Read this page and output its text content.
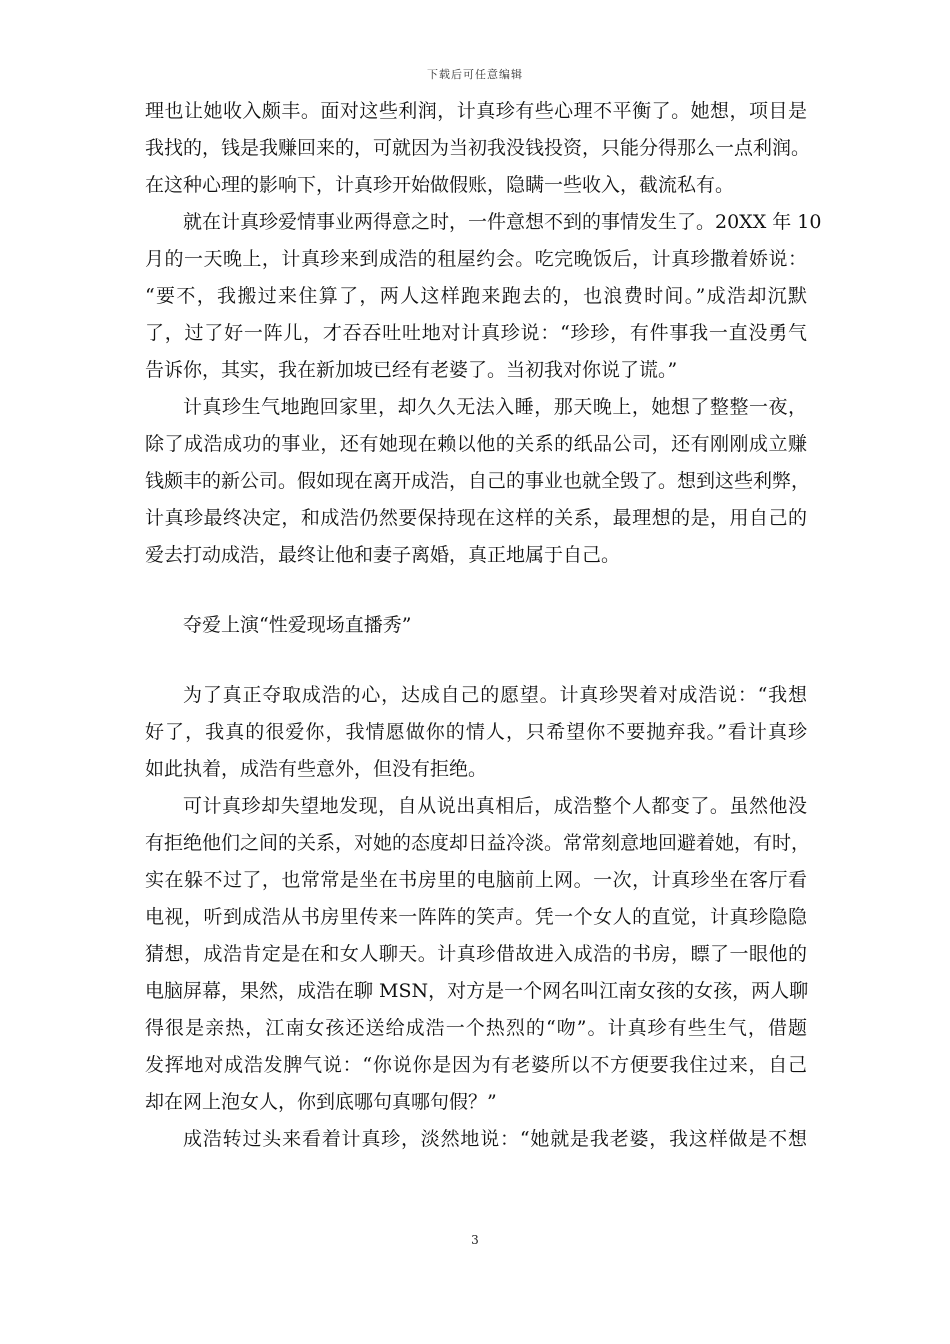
下载后可任意编辑
理也让她收入颇丰。面对这些利润，计真珍有些心理不平衡了。她想，项目是
我找的，钱是我赚回来的，可就因为当初我没钱投资，只能分得那么一点利润。
在这种心理的影响下，计真珍开始做假账，隐瞒一些收入，截流私有。
就在计真珍爱情事业两得意之时，一件意想不到的事情发生了。20XX 年 10
月的一天晚上，计真珍来到成浩的租屋约会。吃完晚饭后，计真珍撒着娇说：
“要不，我搬过来住算了，两人这样跑来跑去的，也浪费时间。”成浩却沉默
了，过了好一阵儿，才吞吞吐吐地对计真珍说：“珍珍，有件事我一直没勇气
告诉你，其实，我在新加坡已经有老婆了。当初我对你说了谎。”
计真珍生气地跑回家里，却久久无法入睡，那天晚上，她想了整整一夜，
除了成浩成功的事业，还有她现在赖以他的关系的纸品公司，还有刚刚成立赚
钱颇丰的新公司。假如现在离开成浩，自己的事业也就全毁了。想到这些利弊，
计真珍最终决定，和成浩仍然要保持现在这样的关系，最理想的是，用自己的
爱去打动成浩，最终让他和妻子离婚，真正地属于自己。
夺爱上演“性爱现场直播秀”
为了真正夺取成浩的心，达成自己的愿望。计真珍哭着对成浩说：“我想
好了，我真的很爱你，我情愿做你的情人，只希望你不要抛弃我。”看计真珍
如此执着，成浩有些意外，但没有拒绝。
可计真珍却失望地发现，自从说出真相后，成浩整个人都变了。虽然他没
有拒绝他们之间的关系，对她的态度却日益冷淡。常常刻意地回避着她，有时，
实在躲不过了，也常常是坐在书房里的电脑前上网。一次，计真珍坐在客厅看
电视，听到成浩从书房里传来一阵阵的笑声。凭一个女人的直觉，计真珍隐隐
猜想，成浩肯定是在和女人聊天。计真珍借故进入成浩的书房，瞟了一眼他的
电脑屏幕，果然，成浩在聊 MSN，对方是一个网名叫江南女孩的女孩，两人聊
得很是亲热，江南女孩还送给成浩一个热烈的“吻”。计真珍有些生气，借题
发挥地对成浩发脾气说：“你说你是因为有老婆所以不方便要我住过来，自己
却在网上泡女人，你到底哪句真哪句假？”
成浩转过头来看着计真珍，淡然地说：“她就是我老婆，我这样做是不想
3
